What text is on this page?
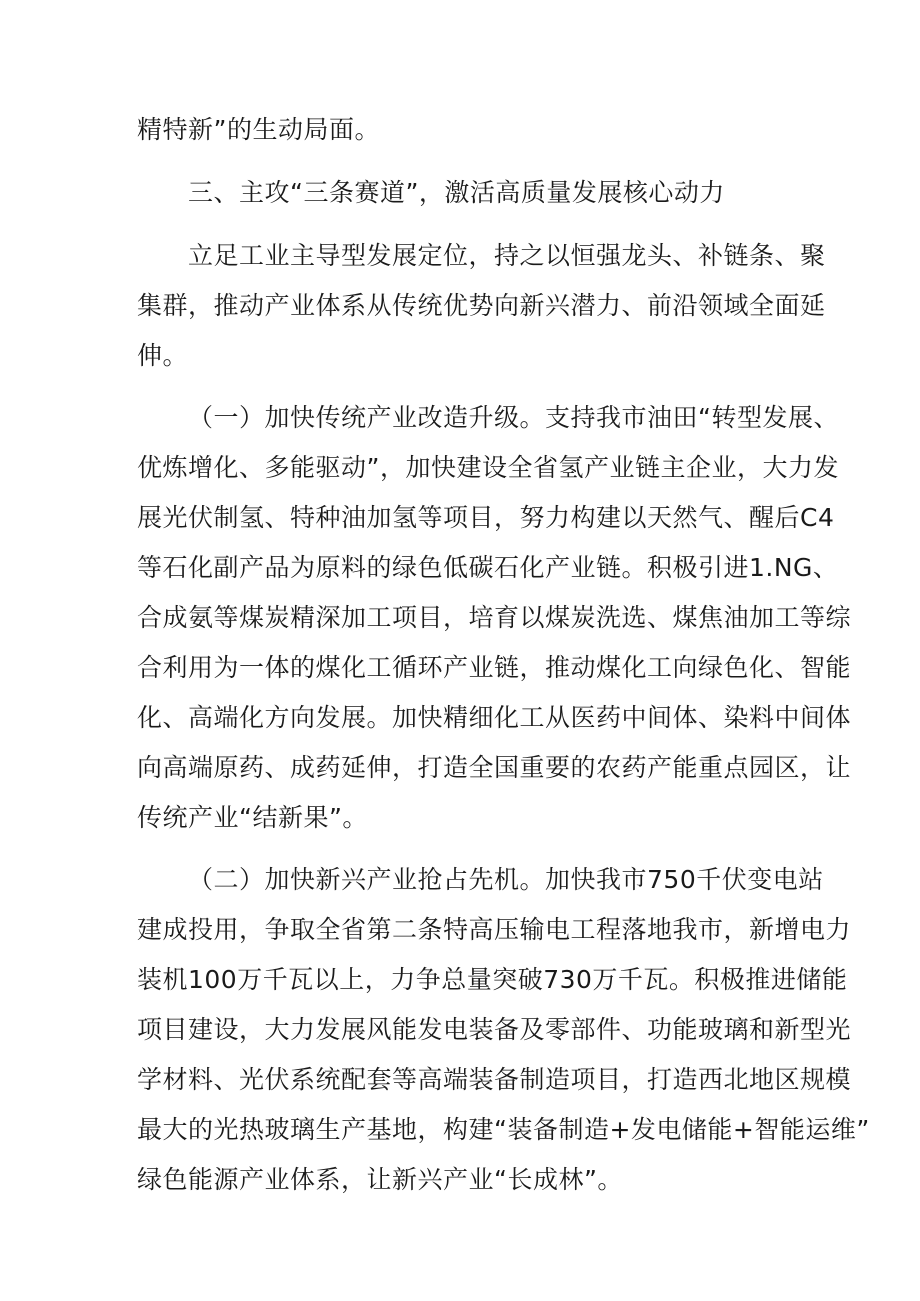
精特新”的生动局面。
三、主攻“三条赛道”，激活高质量发展核心动力
立足工业主导型发展定位，持之以恒强龙头、补链条、聚
集群，推动产业体系从传统优势向新兴潜力、前沿领域全面延
伸。
（一）加快传统产业改造升级。支持我市油田“转型发展、
优炼增化、多能驱动”，加快建设全省氢产业链主企业，大力发
展光伏制氢、特种油加氢等项目，努力构建以天然气、醒后C4
等石化副产品为原料的绿色低碳石化产业链。积极引进1.NG、
合成氨等煤炭精深加工项目，培育以煤炭洗选、煤焦油加工等综
合利用为一体的煤化工循环产业链，推动煤化工向绿色化、智能
化、高端化方向发展。加快精细化工从医药中间体、染料中间体
向高端原药、成药延伸，打造全国重要的农药产能重点园区，让
传统产业“结新果”。
（二）加快新兴产业抢占先机。加快我市750千伏变电站
建成投用，争取全省第二条特高压输电工程落地我市，新增电力
装机100万千瓦以上，力争总量突破730万千瓦。积极推进储能
项目建设，大力发展风能发电装备及零部件、功能玻璃和新型光
学材料、光伏系统配套等高端装备制造项目，打造西北地区规模
最大的光热玻璃生产基地，构建“装备制造+发电储能+智能运维”
绿色能源产业体系，让新兴产业“长成林”。
